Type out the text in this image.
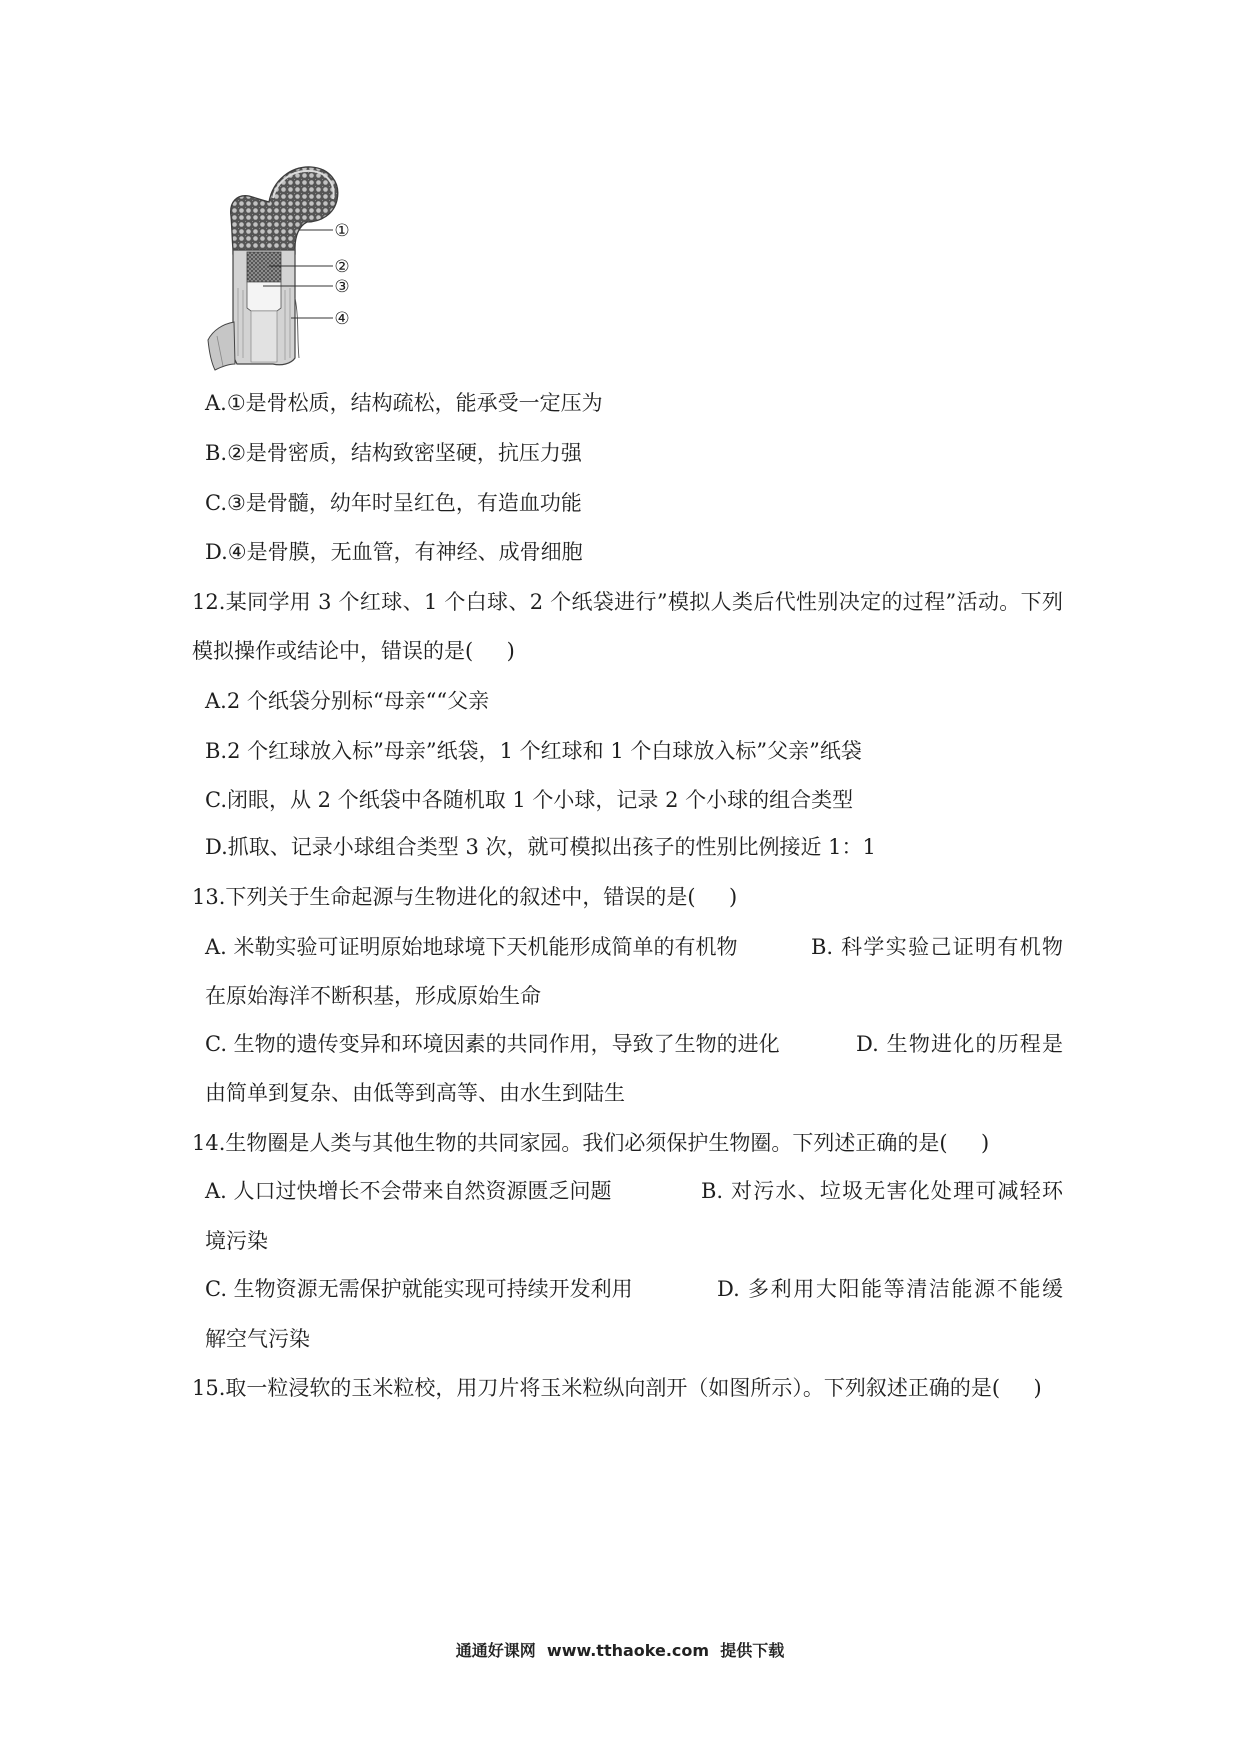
①
②
③
④
A.①是骨松质，结构疏松，能承受一定压为
B.②是骨密质，结构致密坚硬，抗压力强
C.③是骨髓，幼年时呈红色，有造血功能
D.④是骨膜，无血管，有神经、成骨细胞
12.某同学用 3 个红球、1 个白球、2 个纸袋进行”模拟人类后代性别决定的过程”活动。下列
模拟操作或结论中，错误的是(     )
A.2 个纸袋分别标“母亲““父亲
B.2 个红球放入标”母亲”纸袋，1 个红球和 1 个白球放入标”父亲”纸袋
C.闭眼，从 2 个纸袋中各随机取 1 个小球，记录 2 个小球的组合类型
D.抓取、记录小球组合类型 3 次，就可模拟出孩子的性别比例接近 1：1
13.下列关于生命起源与生物进化的叙述中，错误的是(     )
A. 米勒实验可证明原始地球境下天机能形成简单的有机物	B. 科学实验己证明有机物
在原始海洋不断积基，形成原始生命
C. 生物的遗传变异和环境因素的共同作用，导致了生物的进化	D. 生物进化的历程是
由简单到复杂、由低等到高等、由水生到陆生
14.生物圈是人类与其他生物的共同家园。我们必须保护生物圈。下列述正确的是(     )
A. 人口过快增长不会带来自然资源匮乏问题	B. 对污水、垃圾无害化处理可减轻环
境污染
C. 生物资源无需保护就能实现可持续开发利用	D. 多利用大阳能等清洁能源不能缓
解空气污染
15.取一粒浸软的玉米粒校，用刀片将玉米粒纵向剖开（如图所示）。下列叙述正确的是(     )
通通好课网  www.tthaoke.com  提供下载
